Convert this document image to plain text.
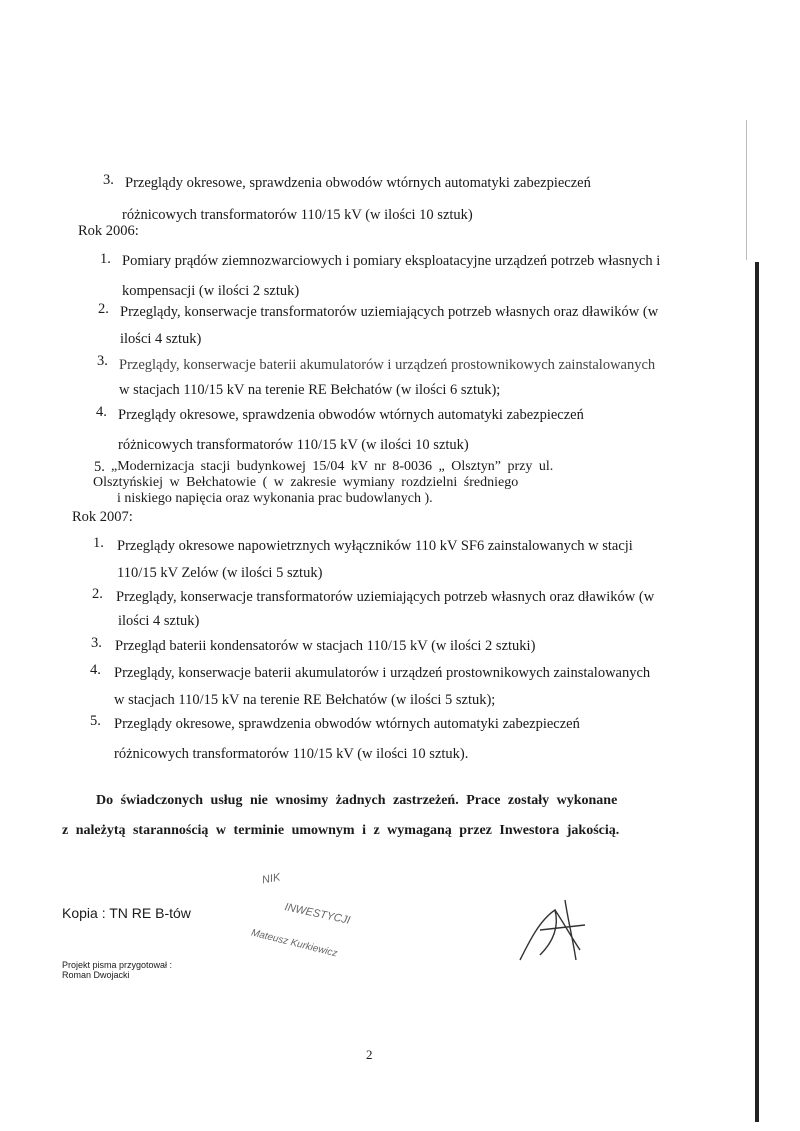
3. Przeglądy okresowe, sprawdzenia obwodów wtórnych automatyki zabezpieczeń
różnicowych transformatorów 110/15 kV (w ilości 10 sztuk)
Rok 2006:
1. Pomiary prądów ziemnozwarciowych i pomiary eksploatacyjne urządzeń potrzeb własnych i
kompensacji (w ilości 2 sztuk)
2. Przeglądy, konserwacje transformatorów uziemiających potrzeb własnych oraz dławików (w
ilości 4 sztuk)
3. Przeglądy, konserwacje baterii akumulatorów i urządzeń prostownikowych zainstalowanych
w stacjach 110/15 kV na terenie RE Bełchatów (w ilości 6 sztuk);
4. Przeglądy okresowe, sprawdzenia obwodów wtórnych automatyki zabezpieczeń
różnicowych transformatorów 110/15 kV (w ilości 10 sztuk)
5. „Modernizacja stacji budynkowej 15/04 kV nr 8-0036 „ Olsztyn” przy ul.
Olsztyńskiej w Bełchatowie ( w zakresie wymiany rozdzielni średniego
i niskiego napięcia oraz wykonania prac budowlanych ).
Rok 2007:
1. Przeglądy okresowe napowietrznych wyłączników 110 kV SF6 zainstalowanych w stacji
110/15 kV Zelów (w ilości 5 sztuk)
2. Przeglądy, konserwacje transformatorów uziemiających potrzeb własnych oraz dławików (w
ilości 4 sztuk)
3. Przegląd baterii kondensatorów w stacjach 110/15 kV (w ilości 2 sztuki)
4. Przeglądy, konserwacje baterii akumulatorów i urządzeń prostownikowych zainstalowanych
w stacjach 110/15 kV na terenie RE Bełchatów (w ilości 5 sztuk);
5. Przeglądy okresowe, sprawdzenia obwodów wtórnych automatyki zabezpieczeń
różnicowych transformatorów 110/15 kV (w ilości 10 sztuk).
Do świadczonych usług nie wnosimy żadnych zastrzeżeń. Prace zostały wykonane
z należytą starannością w terminie umownym i z wymaganą przez Inwestora jakością.
Kopia : TN RE B-tów
NIK
INWESTYCJI
Mateusz Kurkiewicz
Projekt pisma przygotował :
Roman Dwojacki
2
